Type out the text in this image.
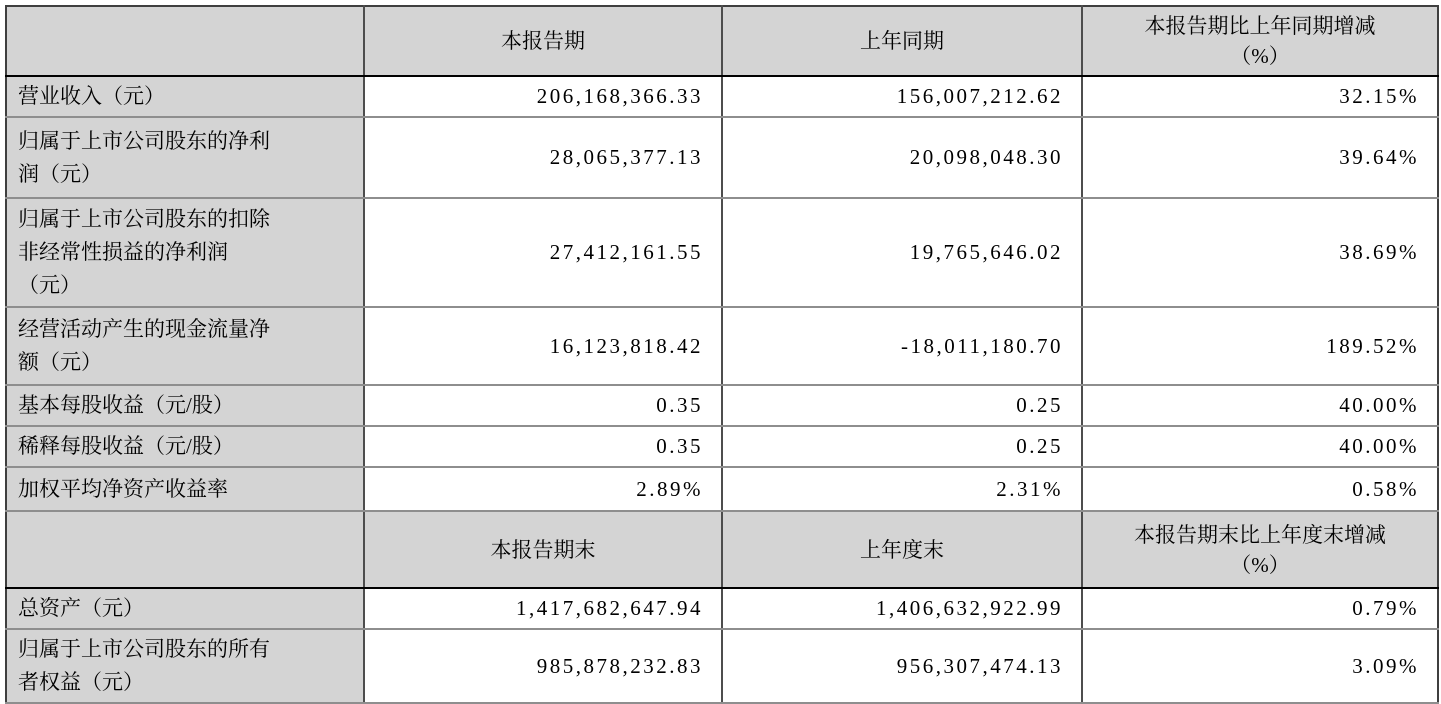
	本报告期	上年同期	本报告期比上年同期增减
（%）

营业收入（元）	206,168,366.33	156,007,212.62	32.15%
归属于上市公司股东的净利润（元）	28,065,377.13	20,098,048.30	39.64%
归属于上市公司股东的扣除非经常性损益的净利润（元）	27,412,161.55	19,765,646.02	38.69%
经营活动产生的现金流量净额（元）	16,123,818.42	-18,011,180.70	189.52%
基本每股收益（元/股）	0.35	0.25	40.00%
稀释每股收益（元/股）	0.35	0.25	40.00%
加权平均净资产收益率	2.89%	2.31%	0.58%
	本报告期末	上年度末	本报告期末比上年度末增减
（%）

总资产（元）	1,417,682,647.94	1,406,632,922.99	0.79%
归属于上市公司股东的所有者权益（元）	985,878,232.83	956,307,474.13	3.09%
